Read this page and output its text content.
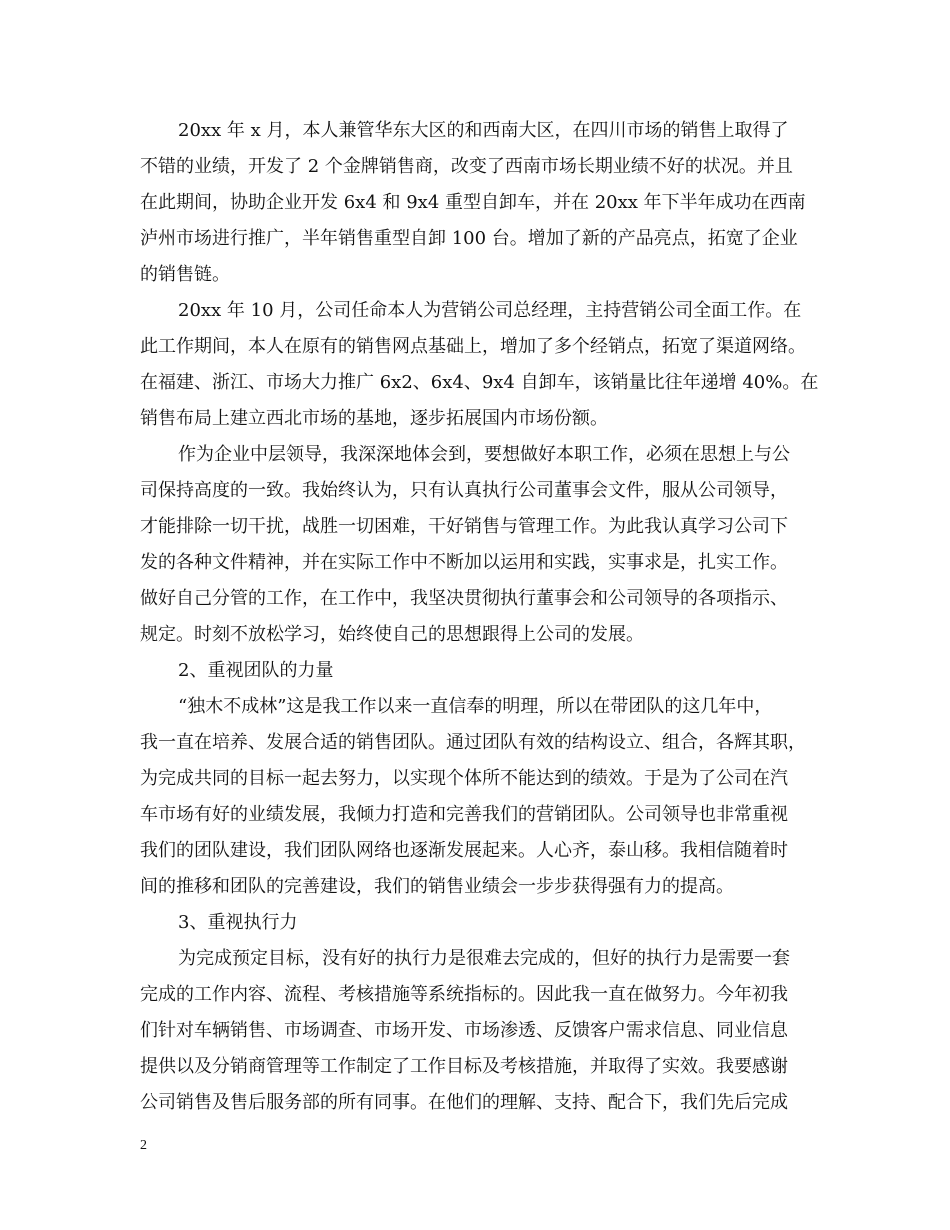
20xx 年 x 月，本人兼管华东大区的和西南大区，在四川市场的销售上取得了
不错的业绩，开发了 2 个金牌销售商，改变了西南市场长期业绩不好的状况。并且
在此期间，协助企业开发 6x4 和 9x4 重型自卸车，并在 20xx 年下半年成功在西南
泸州市场进行推广，半年销售重型自卸 100 台。增加了新的产品亮点，拓宽了企业
的销售链。
20xx 年 10 月，公司任命本人为营销公司总经理，主持营销公司全面工作。在
此工作期间，本人在原有的销售网点基础上，增加了多个经销点，拓宽了渠道网络。
在福建、浙江、市场大力推广 6x2、6x4、9x4 自卸车，该销量比往年递增 40%。在
销售布局上建立西北市场的基地，逐步拓展国内市场份额。
作为企业中层领导，我深深地体会到，要想做好本职工作，必须在思想上与公
司保持高度的一致。我始终认为，只有认真执行公司董事会文件，服从公司领导，
才能排除一切干扰，战胜一切困难，干好销售与管理工作。为此我认真学习公司下
发的各种文件精神，并在实际工作中不断加以运用和实践，实事求是，扎实工作。
做好自己分管的工作，在工作中，我坚决贯彻执行董事会和公司领导的各项指示、
规定。时刻不放松学习，始终使自己的思想跟得上公司的发展。
2、重视团队的力量
“独木不成林”这是我工作以来一直信奉的明理，所以在带团队的这几年中，
我一直在培养、发展合适的销售团队。通过团队有效的结构设立、组合，各辉其职，
为完成共同的目标一起去努力，以实现个体所不能达到的绩效。于是为了公司在汽
车市场有好的业绩发展，我倾力打造和完善我们的营销团队。公司领导也非常重视
我们的团队建设，我们团队网络也逐渐发展起来。人心齐，泰山移。我相信随着时
间的推移和团队的完善建设，我们的销售业绩会一步步获得强有力的提高。
3、重视执行力
为完成预定目标，没有好的执行力是很难去完成的，但好的执行力是需要一套
完成的工作内容、流程、考核措施等系统指标的。因此我一直在做努力。今年初我
们针对车辆销售、市场调查、市场开发、市场渗透、反馈客户需求信息、同业信息
提供以及分销商管理等工作制定了工作目标及考核措施，并取得了实效。我要感谢
公司销售及售后服务部的所有同事。在他们的理解、支持、配合下，我们先后完成
2
